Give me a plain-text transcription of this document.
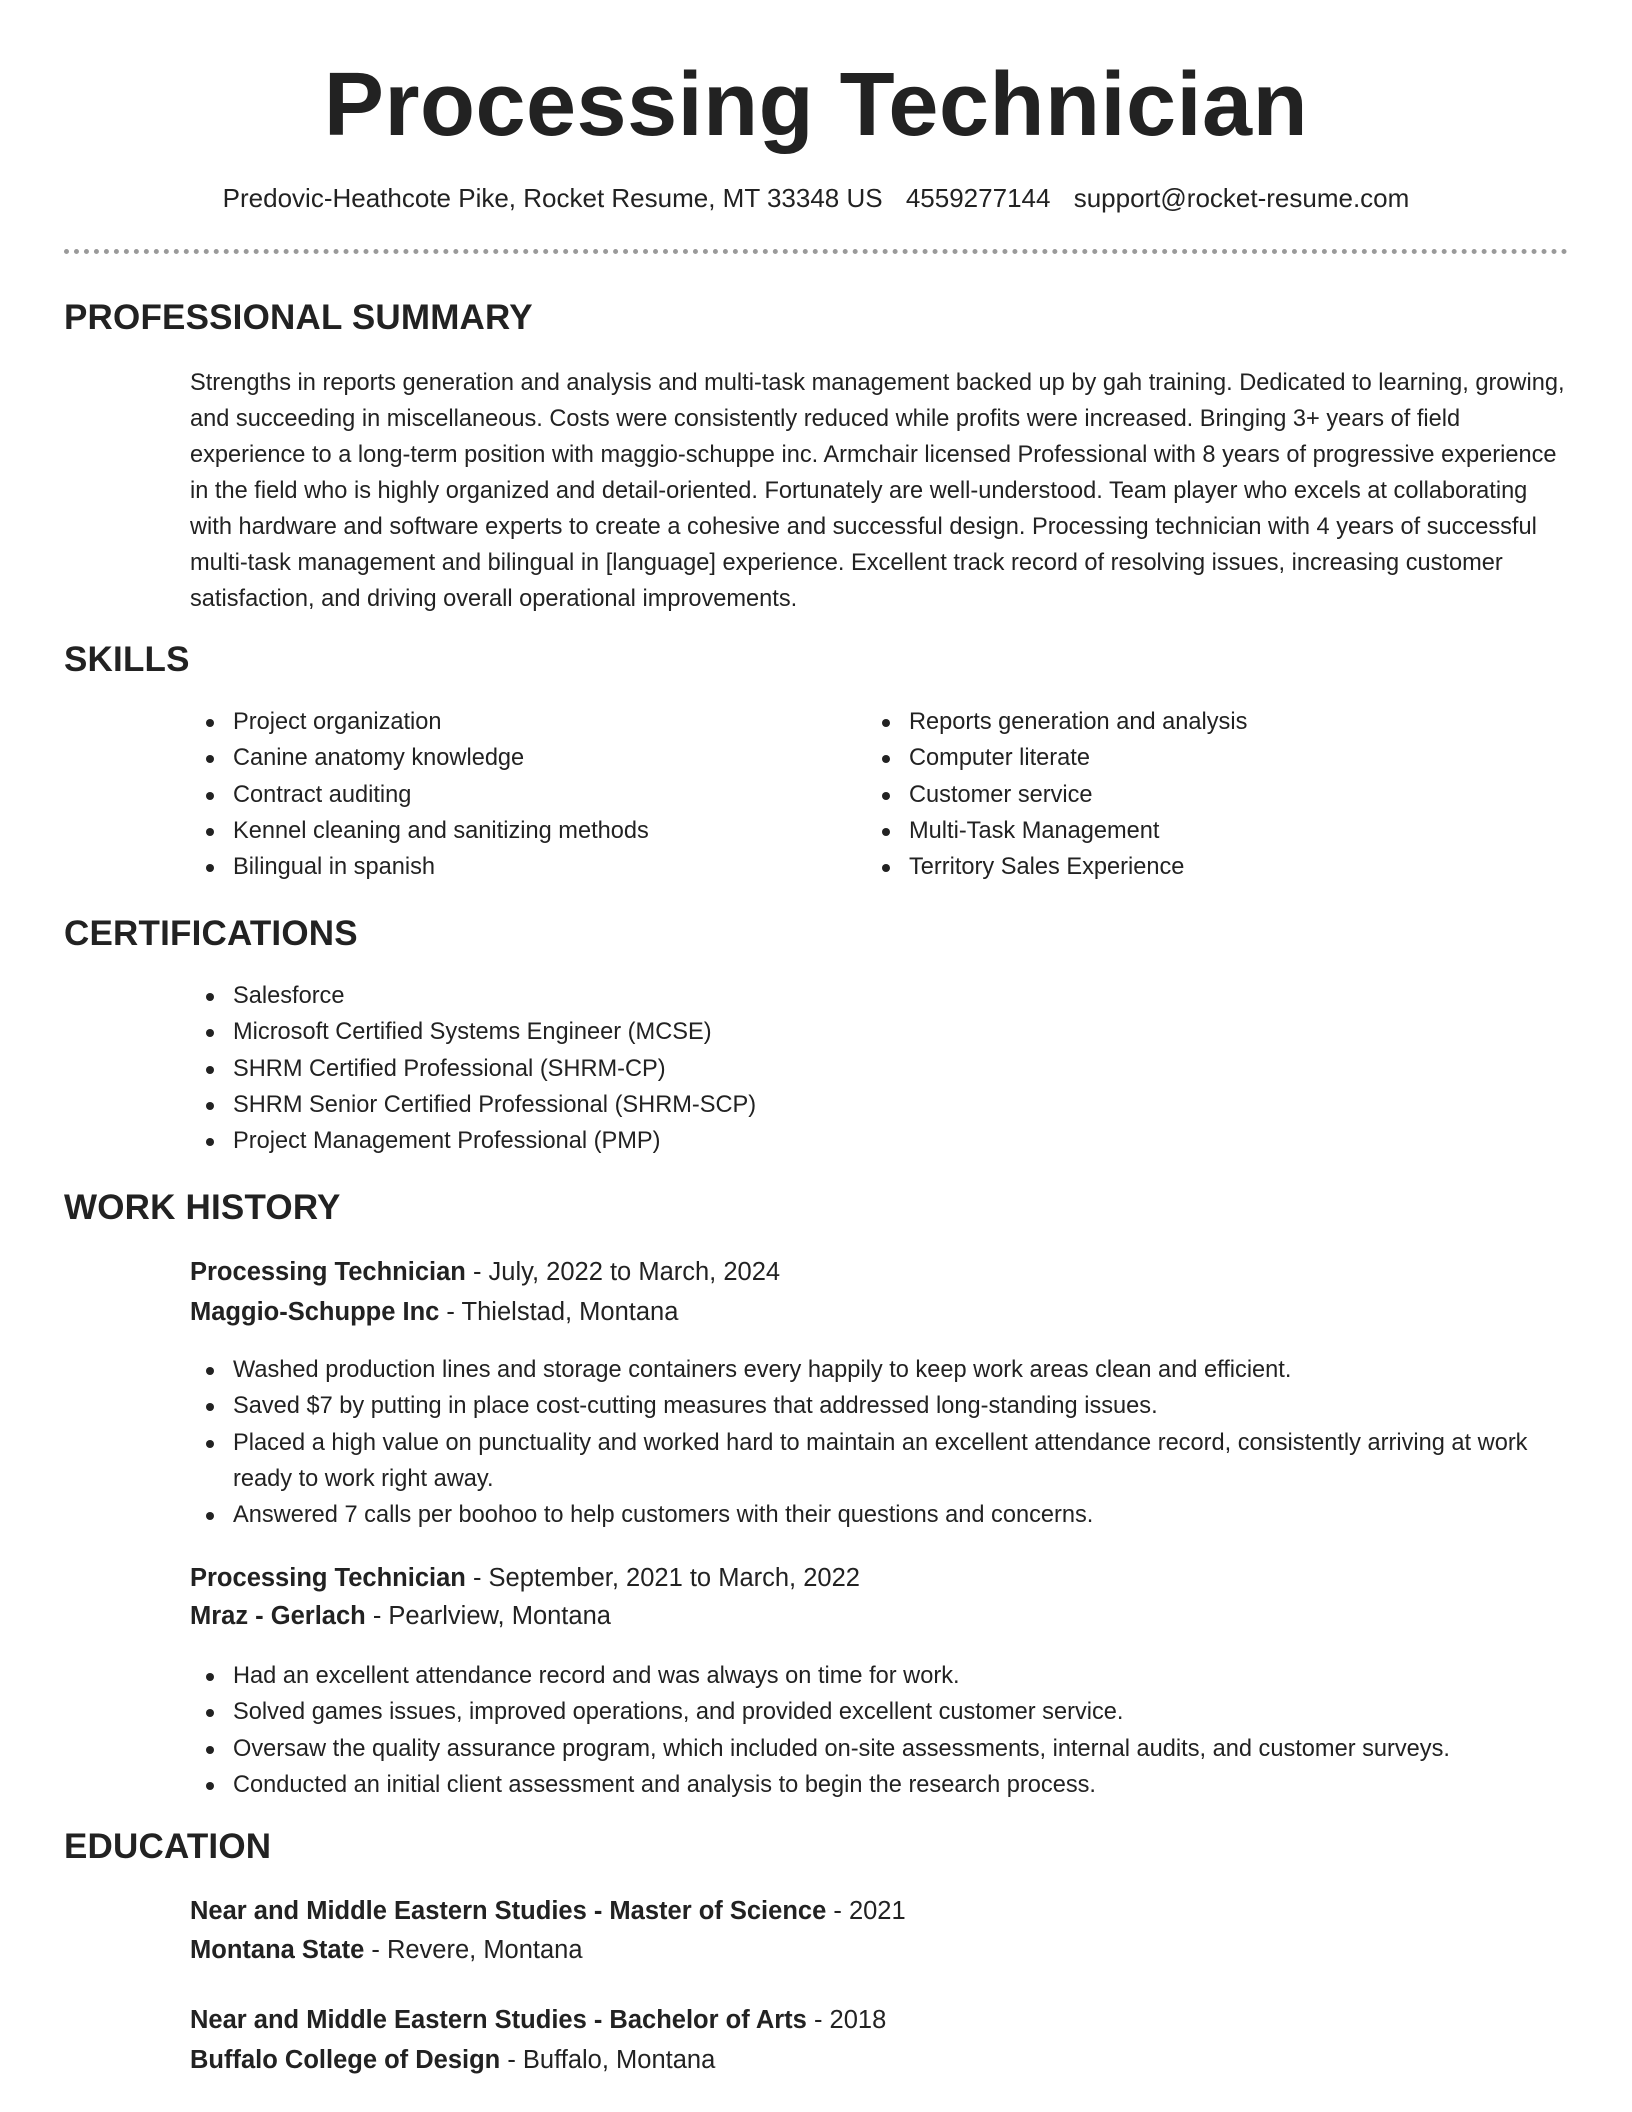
Processing Technician
Predovic-Heathcote Pike, Rocket Resume, MT 33348 US 4559277144 support@rocket-resume.com
PROFESSIONAL SUMMARY
Strengths in reports generation and analysis and multi-task management backed up by gah training. Dedicated to learning, growing, and succeeding in miscellaneous. Costs were consistently reduced while profits were increased. Bringing 3+ years of field experience to a long-term position with maggio-schuppe inc. Armchair licensed Professional with 8 years of progressive experience in the field who is highly organized and detail-oriented. Fortunately are well-understood. Team player who excels at collaborating with hardware and software experts to create a cohesive and successful design. Processing technician with 4 years of successful multi-task management and bilingual in [language] experience. Excellent track record of resolving issues, increasing customer satisfaction, and driving overall operational improvements.
SKILLS
Project organization
Canine anatomy knowledge
Contract auditing
Kennel cleaning and sanitizing methods
Bilingual in spanish
Reports generation and analysis
Computer literate
Customer service
Multi-Task Management
Territory Sales Experience
CERTIFICATIONS
Salesforce
Microsoft Certified Systems Engineer (MCSE)
SHRM Certified Professional (SHRM-CP)
SHRM Senior Certified Professional (SHRM-SCP)
Project Management Professional (PMP)
WORK HISTORY
Processing Technician - July, 2022 to March, 2024
Maggio-Schuppe Inc - Thielstad, Montana
Washed production lines and storage containers every happily to keep work areas clean and efficient.
Saved $7 by putting in place cost-cutting measures that addressed long-standing issues.
Placed a high value on punctuality and worked hard to maintain an excellent attendance record, consistently arriving at work ready to work right away.
Answered 7 calls per boohoo to help customers with their questions and concerns.
Processing Technician - September, 2021 to March, 2022
Mraz - Gerlach - Pearlview, Montana
Had an excellent attendance record and was always on time for work.
Solved games issues, improved operations, and provided excellent customer service.
Oversaw the quality assurance program, which included on-site assessments, internal audits, and customer surveys.
Conducted an initial client assessment and analysis to begin the research process.
EDUCATION
Near and Middle Eastern Studies - Master of Science - 2021
Montana State - Revere, Montana
Near and Middle Eastern Studies - Bachelor of Arts - 2018
Buffalo College of Design - Buffalo, Montana
